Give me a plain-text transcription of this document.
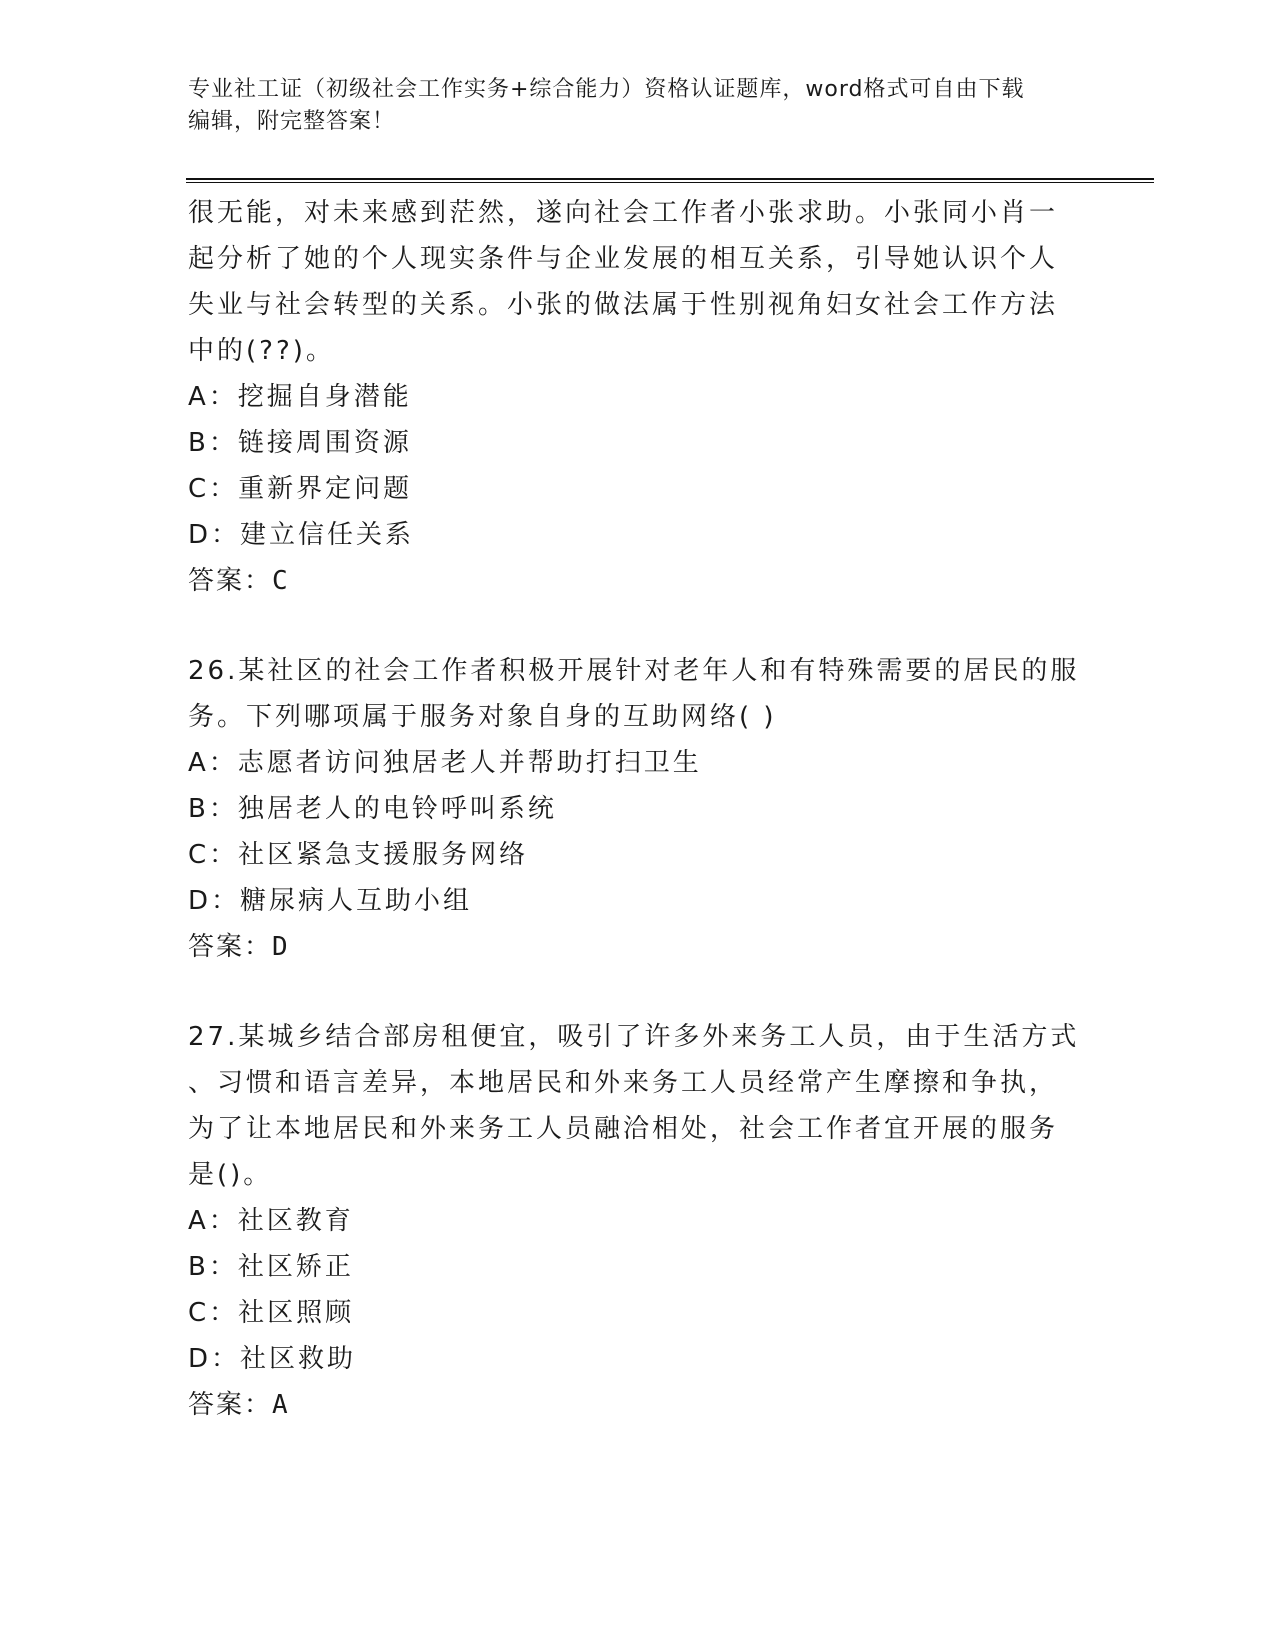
专业社工证（初级社会工作实务+综合能力）资格认证题库，word格式可自由下载
编辑，附完整答案！
很无能，对未来感到茫然，遂向社会工作者小张求助。小张同小肖一
起分析了她的个人现实条件与企业发展的相互关系，引导她认识个人
失业与社会转型的关系。小张的做法属于性别视角妇女社会工作方法
中的(??)。
A：挖掘自身潜能
B：链接周围资源
C：重新界定问题
D：建立信任关系
答案：C
26.某社区的社会工作者积极开展针对老年人和有特殊需要的居民的服
务。下列哪项属于服务对象自身的互助网络( )
A：志愿者访问独居老人并帮助打扫卫生
B：独居老人的电铃呼叫系统
C：社区紧急支援服务网络
D：糖尿病人互助小组
答案：D
27.某城乡结合部房租便宜，吸引了许多外来务工人员，由于生活方式
、习惯和语言差异，本地居民和外来务工人员经常产生摩擦和争执，
为了让本地居民和外来务工人员融洽相处，社会工作者宜开展的服务
是()。
A：社区教育
B：社区矫正
C：社区照顾
D：社区救助
答案：A
